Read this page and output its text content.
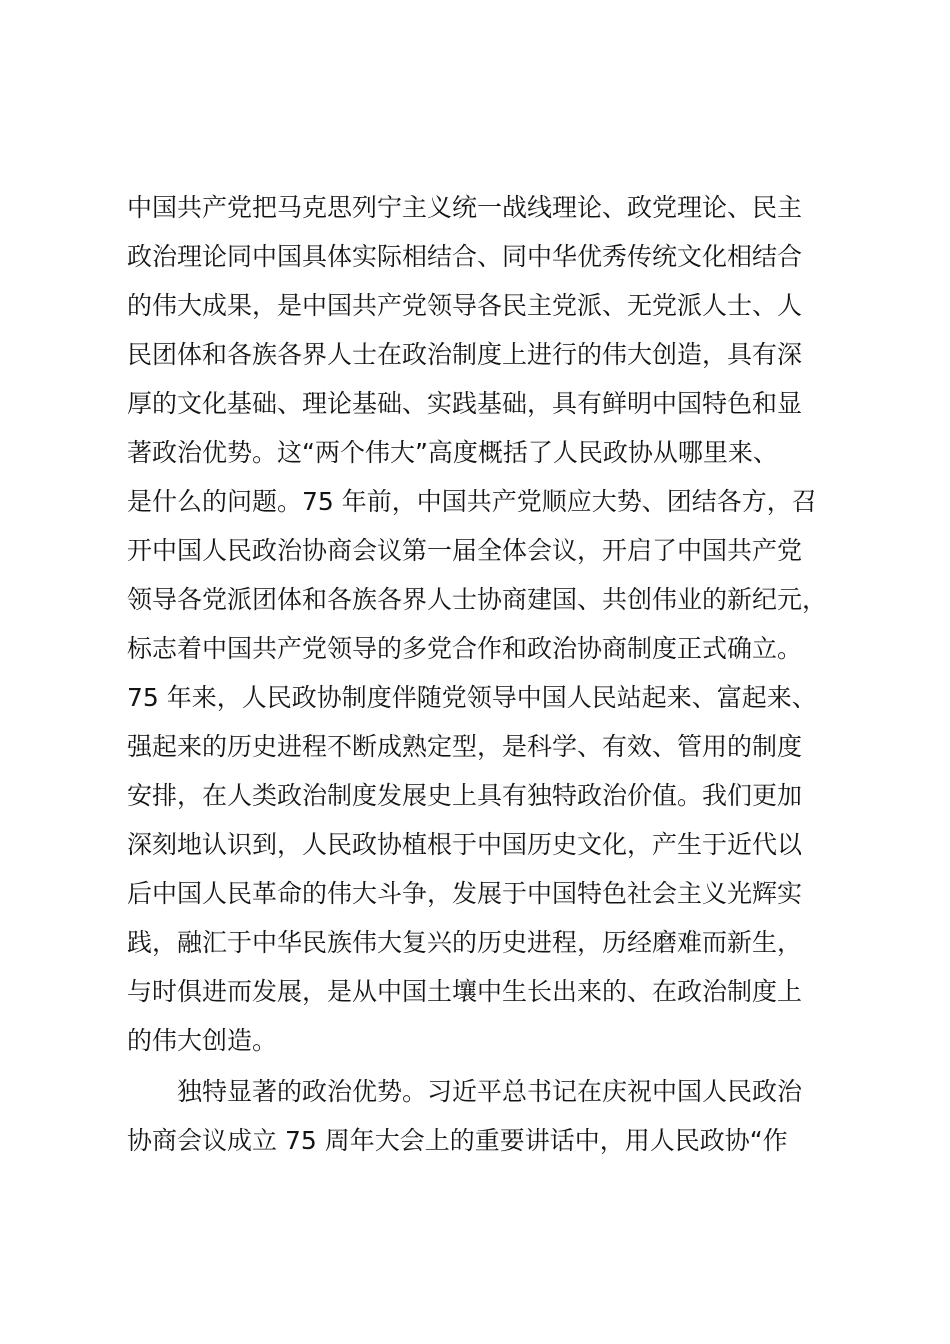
中国共产党把马克思列宁主义统一战线理论、政党理论、民主
政治理论同中国具体实际相结合、同中华优秀传统文化相结合
的伟大成果，是中国共产党领导各民主党派、无党派人士、人
民团体和各族各界人士在政治制度上进行的伟大创造，具有深
厚的文化基础、理论基础、实践基础，具有鲜明中国特色和显
著政治优势。这“两个伟大”高度概括了人民政协从哪里来、
是什么的问题。75 年前，中国共产党顺应大势、团结各方，召
开中国人民政治协商会议第一届全体会议，开启了中国共产党
领导各党派团体和各族各界人士协商建国、共创伟业的新纪元，
标志着中国共产党领导的多党合作和政治协商制度正式确立。
75 年来，人民政协制度伴随党领导中国人民站起来、富起来、
强起来的历史进程不断成熟定型，是科学、有效、管用的制度
安排，在人类政治制度发展史上具有独特政治价值。我们更加
深刻地认识到，人民政协植根于中国历史文化，产生于近代以
后中国人民革命的伟大斗争，发展于中国特色社会主义光辉实
践，融汇于中华民族伟大复兴的历史进程，历经磨难而新生，
与时俱进而发展，是从中国土壤中生长出来的、在政治制度上
的伟大创造。
独特显著的政治优势。习近平总书记在庆祝中国人民政治
协商会议成立 75 周年大会上的重要讲话中，用人民政协“作
